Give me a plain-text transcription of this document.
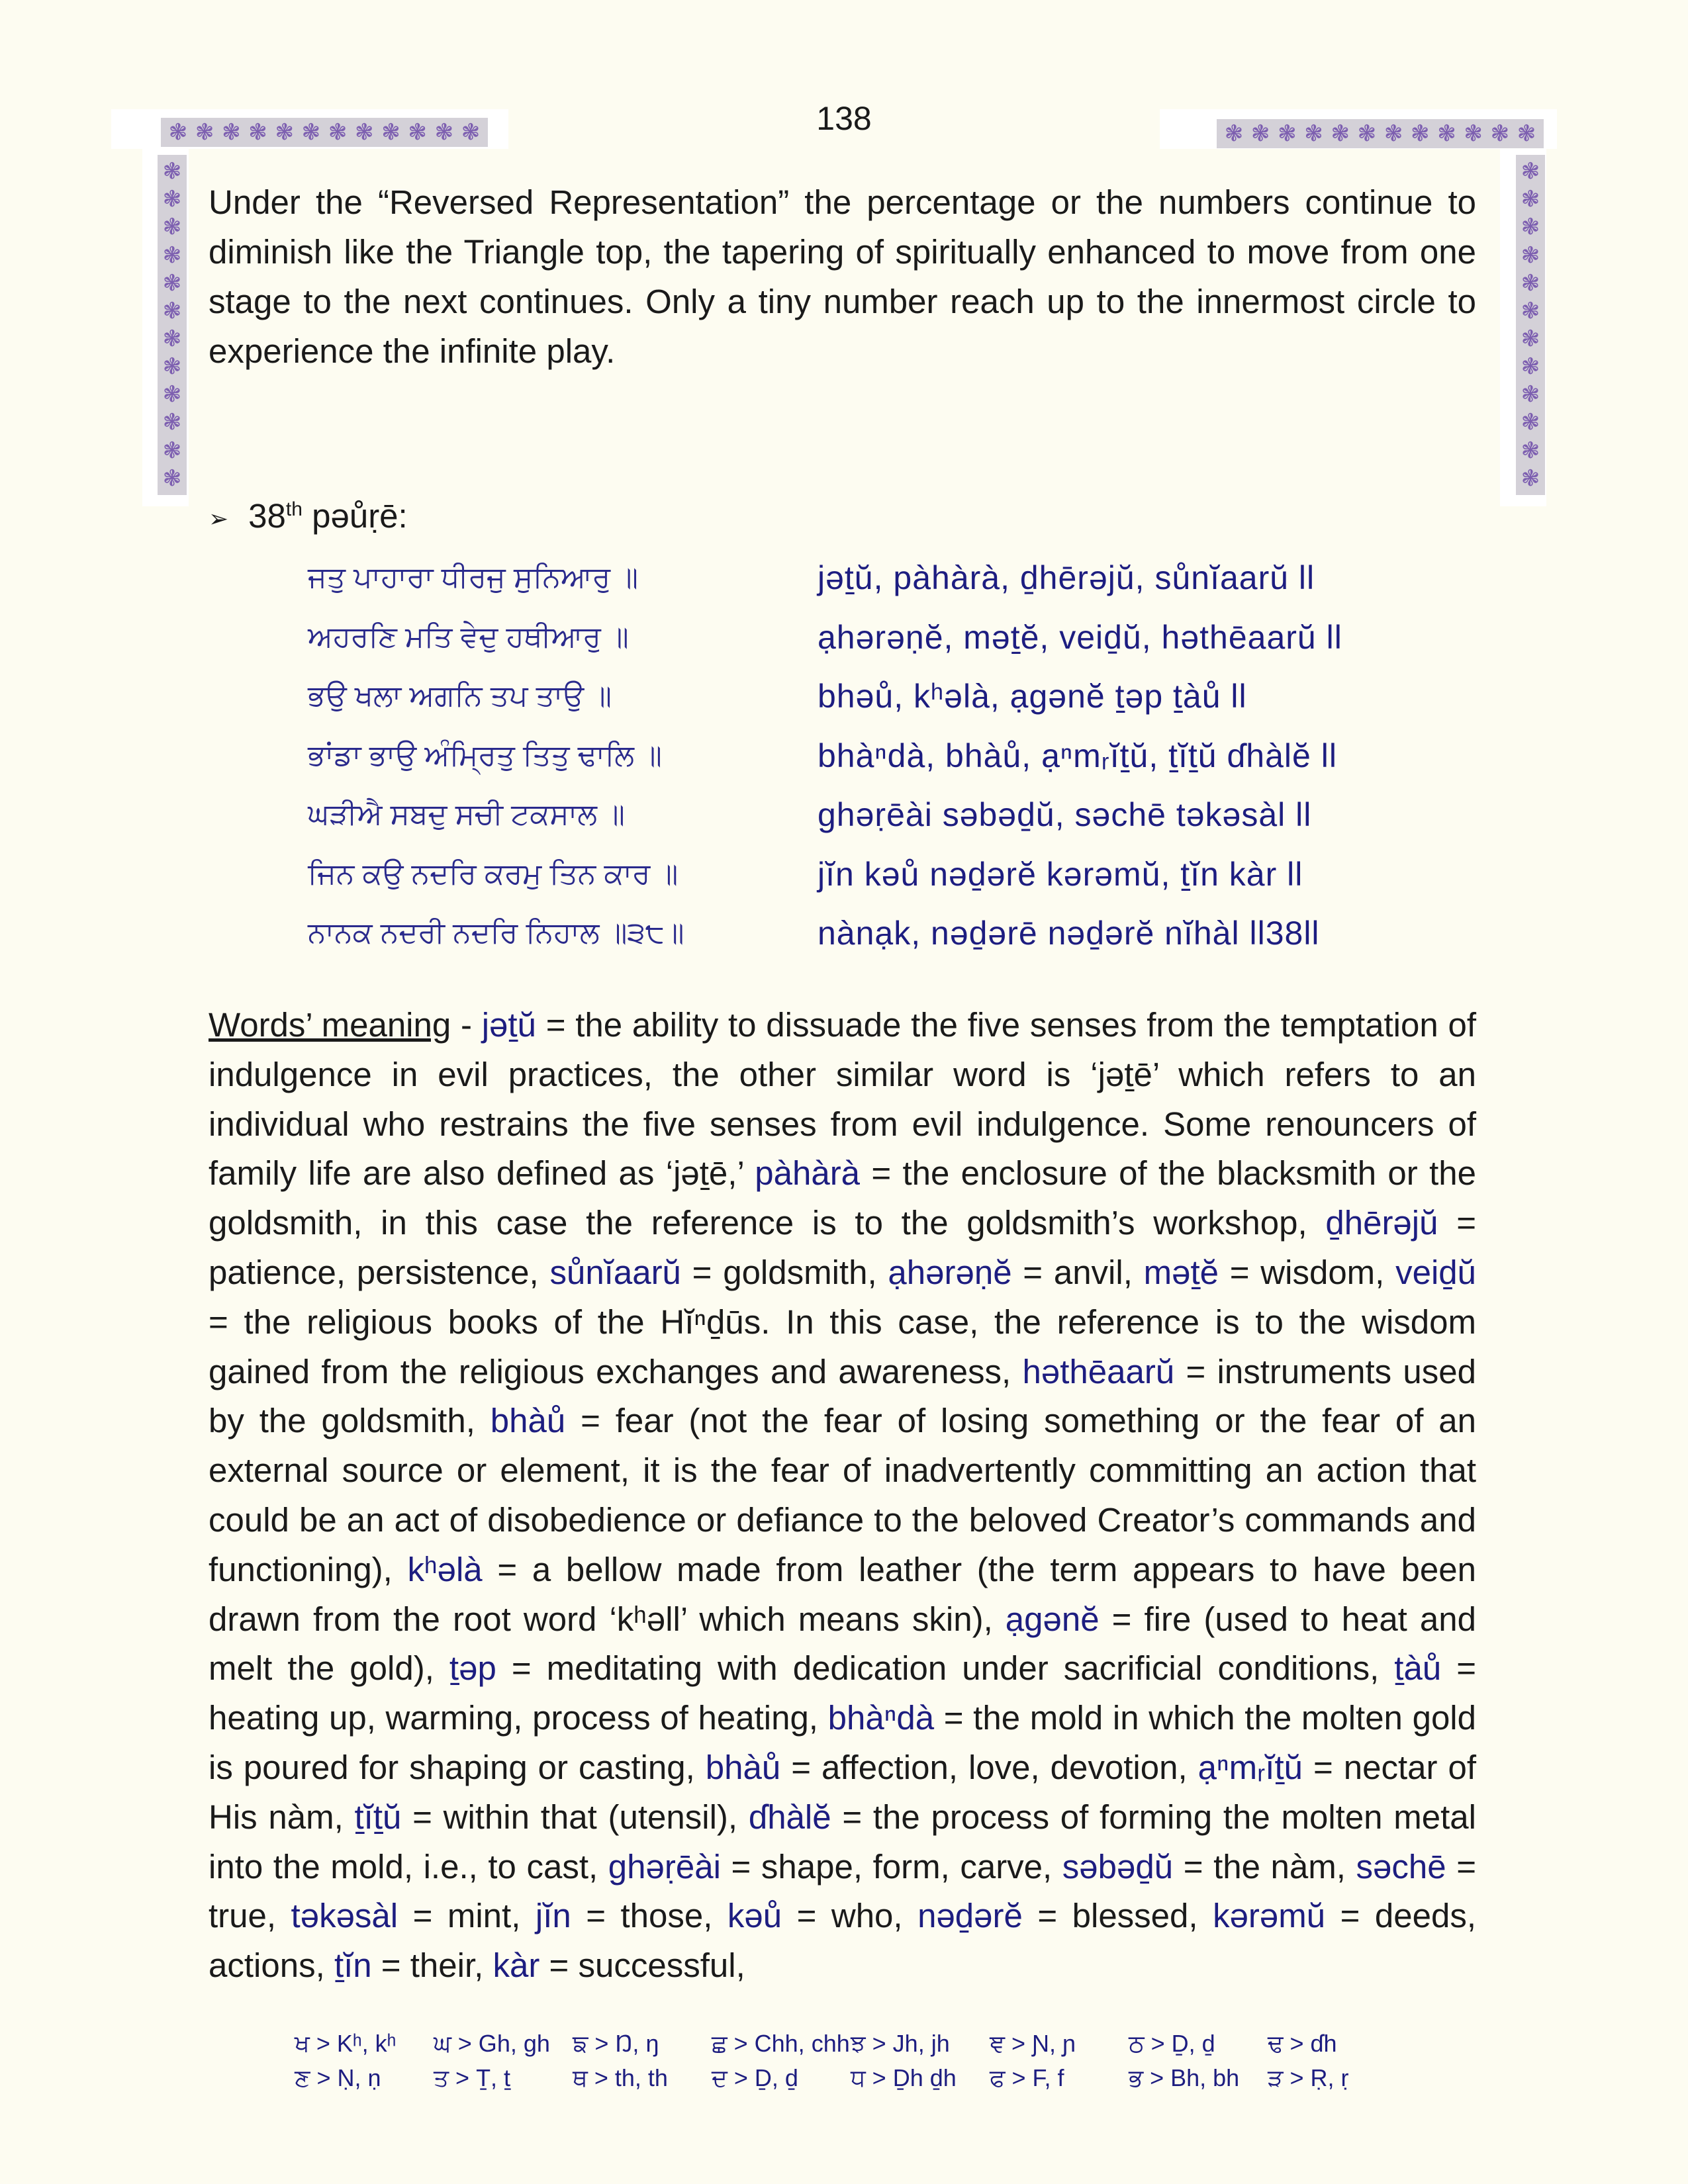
❃ ❃ ❃ ❃ ❃ ❃ ❃ ❃ ❃ ❃ ❃ ❃	❃ ❃ ❃ ❃ ❃ ❃ ❃ ❃ ❃ ❃ ❃ ❃
❃
❃
❃
❃
❃
❃
❃
❃
❃
❃
❃
❃
❃
❃
❃
❃
❃
❃
❃
❃
❃
❃
❃
❃
138

Under the “Reversed Representation” the percentage or the numbers continue to diminish like the Triangle top, the tapering of spiritually enhanced to move from one stage to the next continues. Only a tiny number reach up to the innermost circle to experience the infinite play.

➢ 38th pəůṛē:
ਜਤੁ ਪਾਹਾਰਾ ਧੀਰਜੁ ਸੁਨਿਆਰੁ ॥	jəṯŭ, pàhàrà, ḏhērəjŭ, sůnĭaarŭ ll
ਅਹਰਣਿ ਮਤਿ ਵੇਦੁ ਹਥੀਆਰੁ ॥	ạhərəṇĕ, məṯĕ, veiḏŭ, həthēaarŭ ll
ਭਉ ਖਲਾ ਅਗਨਿ ਤਪ ਤਾਉ ॥	bhəů, kʰəlà, ạgənĕ ṯəp ṯàů ll
ਭਾਂਡਾ ਭਾਉ ਅੰਮ੍ਰਿਤੁ ਤਿਤੁ ਢਾਲਿ ॥	bhàⁿdà, bhàů, ạⁿmᵣĭṯŭ, ṯĭṯŭ ɗhàlĕ ll
ਘੜੀਐ ਸਬਦੁ ਸਚੀ ਟਕਸਾਲ ॥	ghəṛēài səbəḏŭ, səchē təkəsàl ll
ਜਿਨ ਕਉ ਨਦਰਿ ਕਰਮੁ ਤਿਨ ਕਾਰ ॥	jĭn kəů nəḏərĕ kərəmŭ, ṯĭn kàr ll
ਨਾਨਕ ਨਦਰੀ ਨਦਰਿ ਨਿਹਾਲ ॥੩੮॥	nànạk, nəḏərē nəḏərĕ nĭhàl ll38ll

Words’ meaning - jəṯŭ = the ability to dissuade the five senses from the temptation of indulgence in evil practices, the other similar word is ‘jəṯē’ which refers to an individual who restrains the five senses from evil indulgence. Some renouncers of family life are also defined as ‘jəṯē,’ pàhàrà = the enclosure of the blacksmith or the goldsmith, in this case the reference is to the goldsmith’s workshop, ḏhērəjŭ = patience, persistence, sůnĭaarŭ = goldsmith, ạhərəṇĕ = anvil, məṯĕ = wisdom, veiḏŭ = the religious books of the Hĭⁿḏūs. In this case, the reference is to the wisdom gained from the religious exchanges and awareness, həthēaarŭ = instruments used by the goldsmith, bhàů = fear (not the fear of losing something or the fear of an external source or element, it is the fear of inadvertently committing an action that could be an act of disobedience or defiance to the beloved Creator’s commands and functioning), kʰəlà = a bellow made from leather (the term appears to have been drawn from the root word ‘kʰəll’ which means skin), ạgənĕ = fire (used to heat and melt the gold), ṯəp = meditating with dedication under sacrificial conditions, ṯàů = heating up, warming, process of heating, bhàⁿdà = the mold in which the molten gold is poured for shaping or casting, bhàů = affection, love, devotion, ạⁿmᵣĭṯŭ = nectar of His nàm, ṯĭṯŭ = within that (utensil), ɗhàlĕ = the process of forming the molten metal into the mold, i.e., to cast, ghəṛēài = shape, form, carve, səbəḏŭ = the nàm, səchē = true, təkəsàl = mint, jĭn = those, kəů = who, nəḏərĕ = blessed, kərəmŭ = deeds, actions, ṯĭn = their, kàr = successful,

ਖ > Kʰ, kʰ	ਘ > Gh, gh ਙ > Ŋ, ŋ	ਛ > Chh, chh ਝ > Jh, jh	ਞ > Ɲ, ɲ	ਠ > Ḏ, ḏ	ਢ > ɗh
ਣ > Ṇ, ṇ	ਤ > Ṯ, ṯ	ਥ > th, th	ਦ > Ḏ, ḏ	ਧ > Ḏh ḏh	ਫ > F, f	ਭ > Bh, bh	ੜ > Ṛ, ṛ
